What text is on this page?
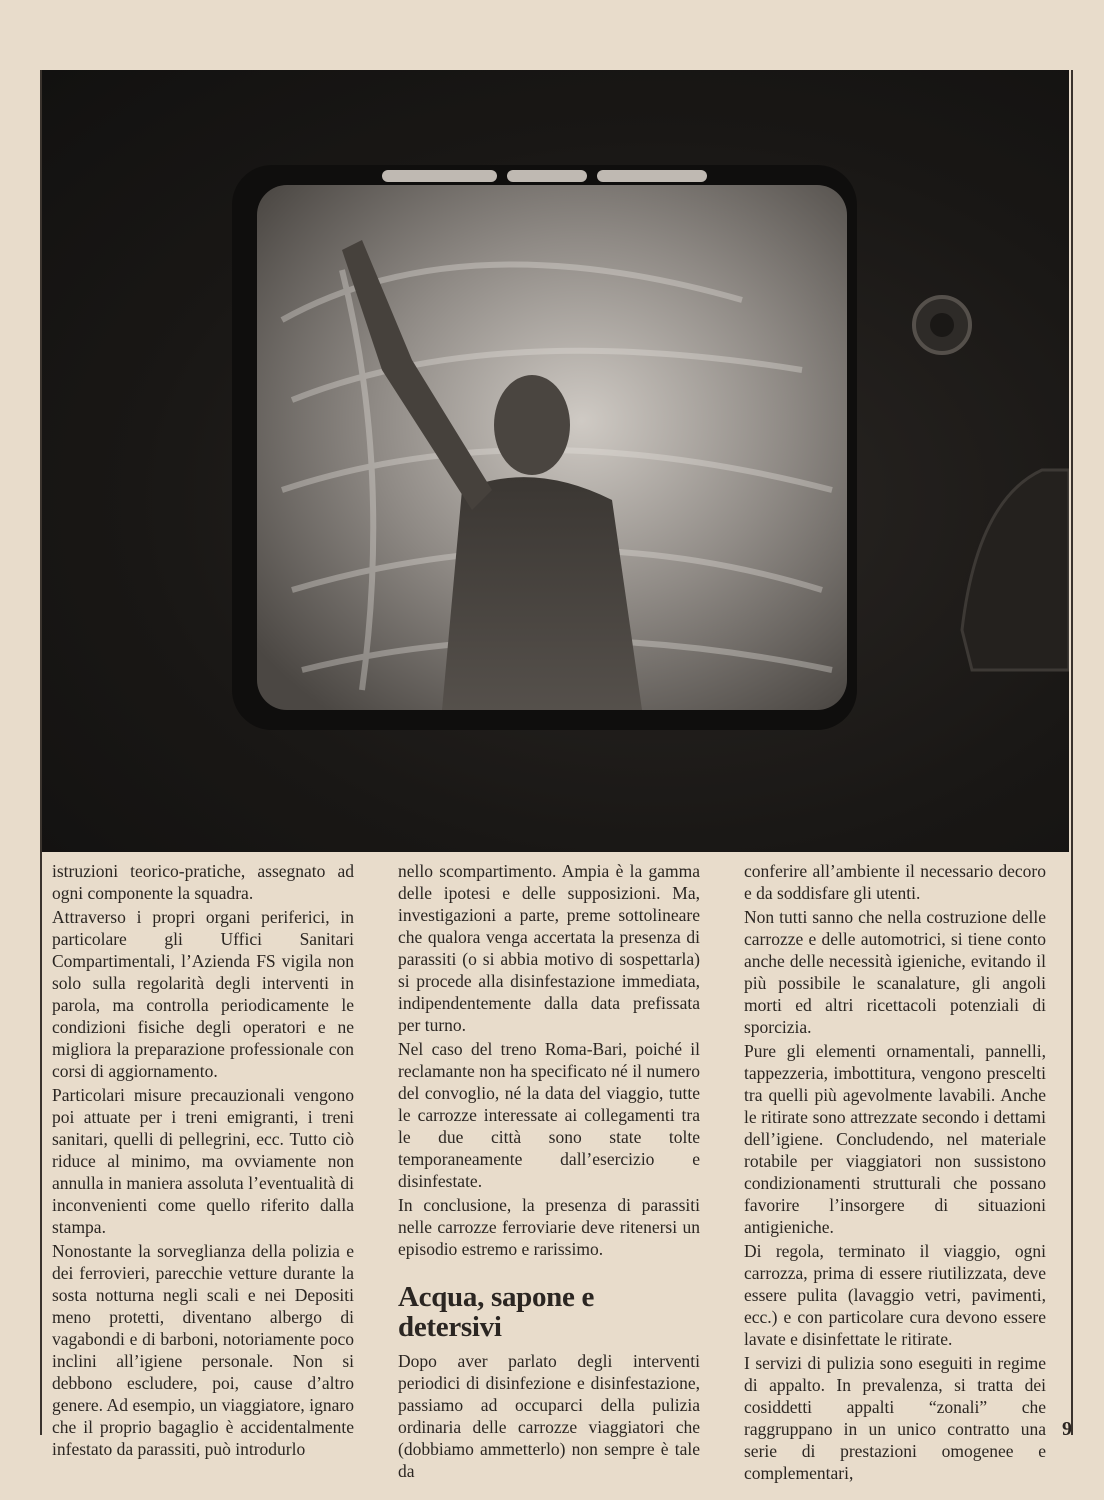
istruzioni teorico-pratiche, assegnato ad ogni componente la squadra.

Attraverso i propri organi periferici, in particolare gli Uffici Sanitari Compartimentali, l’Azienda FS vigila non solo sulla regolarità degli interventi in parola, ma controlla periodicamente le condizioni fisiche degli operatori e ne migliora la preparazione professionale con corsi di aggiornamento.

Particolari misure precauzionali vengono poi attuate per i treni emigranti, i treni sanitari, quelli di pellegrini, ecc. Tutto ciò riduce al minimo, ma ovviamente non annulla in maniera assoluta l’eventualità di inconvenienti come quello riferito dalla stampa.

Nonostante la sorveglianza della polizia e dei ferrovieri, parecchie vetture durante la sosta notturna negli scali e nei Depositi meno protetti, diventano albergo di vagabondi e di barboni, notoriamente poco inclini all’igiene personale. Non si debbono escludere, poi, cause d’altro genere. Ad esempio, un viaggiatore, ignaro che il proprio bagaglio è accidentalmente infestato da parassiti, può introdurlo

nello scompartimento. Ampia è la gamma delle ipotesi e delle supposizioni. Ma, investigazioni a parte, preme sottolineare che qualora venga accertata la presenza di parassiti (o si abbia motivo di sospettarla) si procede alla disinfestazione immediata, indipendentemente dalla data prefissata per turno.

Nel caso del treno Roma-Bari, poiché il reclamante non ha specificato né il numero del convoglio, né la data del viaggio, tutte le carrozze interessate ai collegamenti tra le due città sono state tolte temporaneamente dall’esercizio e disinfestate.

In conclusione, la presenza di parassiti nelle carrozze ferroviarie deve ritenersi un episodio estremo e rarissimo.

Acqua, sapone e detersivi

Dopo aver parlato degli interventi periodici di disinfezione e disinfestazione, passiamo ad occuparci della pulizia ordinaria delle carrozze viaggiatori che (dobbiamo ammetterlo) non sempre è tale da

conferire all’ambiente il necessario decoro e da soddisfare gli utenti.

Non tutti sanno che nella costruzione delle carrozze e delle automotrici, si tiene conto anche delle necessità igieniche, evitando il più possibile le scanalature, gli angoli morti ed altri ricettacoli potenziali di sporcizia.

Pure gli elementi ornamentali, pannelli, tappezzeria, imbottitura, vengono prescelti tra quelli più agevolmente lavabili. Anche le ritirate sono attrezzate secondo i dettami dell’igiene. Concludendo, nel materiale rotabile per viaggiatori non sussistono condizionamenti strutturali che possano favorire l’insorgere di situazioni antigieniche.

Di regola, terminato il viaggio, ogni carrozza, prima di essere riutilizzata, deve essere pulita (lavaggio vetri, pavimenti, ecc.) e con particolare cura devono essere lavate e disinfettate le ritirate.

I servizi di pulizia sono eseguiti in regime di appalto. In prevalenza, si tratta dei cosiddetti appalti “zonali” che raggruppano in un unico contratto una serie di prestazioni omogenee e complementari,

9
